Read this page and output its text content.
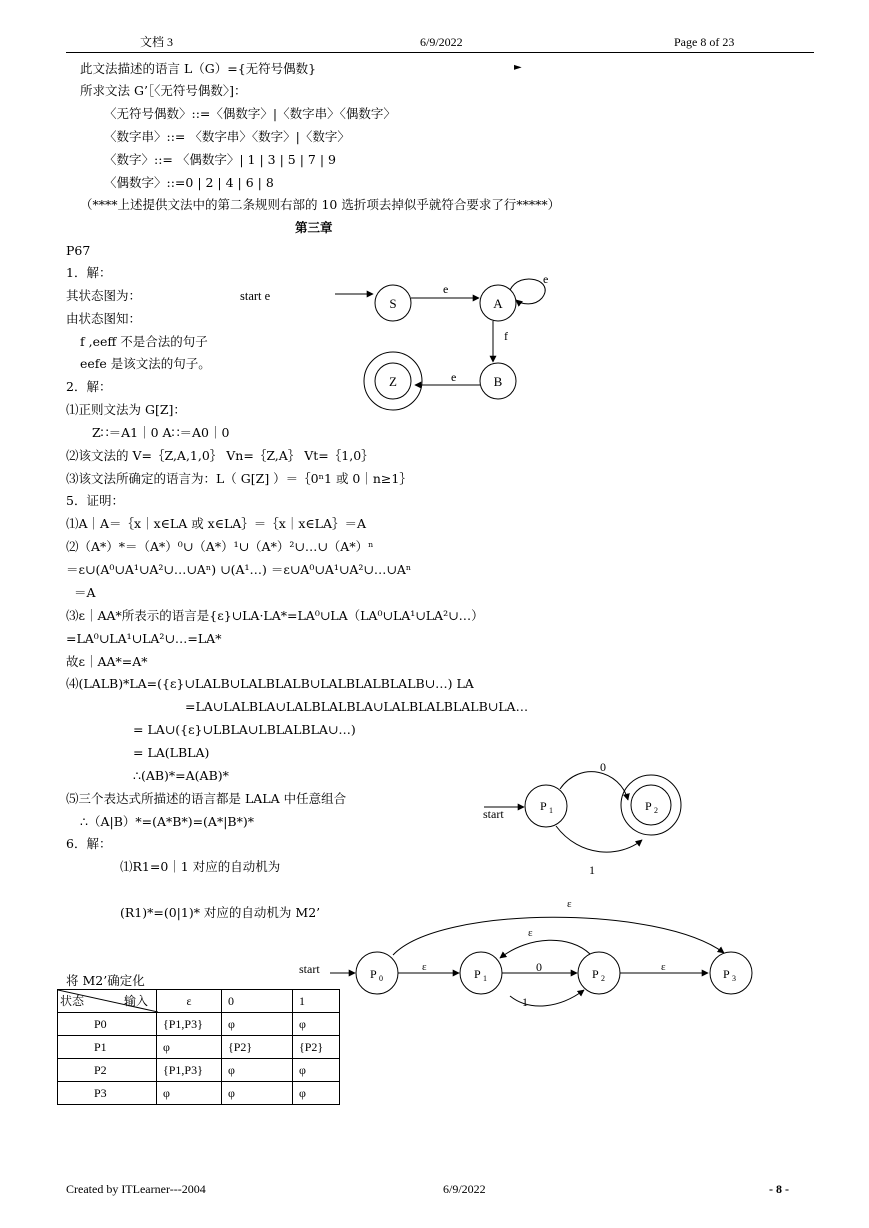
文档 3	6/9/2022	Page 8 of 23
此文法描述的语言 L（G）={无符号偶数}	►
所求文法 G’［〈无符号偶数〉]：
〈无符号偶数〉::=〈偶数字〉|〈数字串〉〈偶数字〉
〈数字串〉::= 〈数字串〉〈数字〉|〈数字〉
〈数字〉::= 〈偶数字〉| 1 | 3 | 5 | 7 | 9
〈偶数字〉::=0 | 2 | 4 | 6 | 8
（****上述提供文法中的第二条规则右部的 10 选折项去掉似乎就符合要求了行*****）
第三章
P67
1．解：
其状态图为：	start e
由状态图知：
f ,eeff 不是合法的句子
eefe 是该文法的句子。
2．解：
⑴正则文法为 G[Z]：
Z∷＝A1｜0 A∷＝A0｜0
⑵该文法的 V=｛Z,A,1,0｝ Vn=｛Z,A｝ Vt=｛1,0｝
⑶该文法所确定的语言为：L（ G[Z] ）＝｛0ⁿ1 或 0｜n≥1｝
5．证明：
⑴A｜A＝｛x｜x∈LA 或 x∈LA｝＝｛x｜x∈LA｝＝A
⑵（A*）*＝（A*）⁰∪（A*）¹∪（A*）²∪…∪（A*）ⁿ
＝ε∪(A⁰∪A¹∪A²∪…∪Aⁿ) ∪(A¹…) ＝ε∪A⁰∪A¹∪A²∪…∪Aⁿ
＝A
⑶ε｜AA*所表示的语言是{ε}∪LA·LA*=LA⁰∪LA（LA⁰∪LA¹∪LA²∪…）
=LA⁰∪LA¹∪LA²∪…=LA*
故ε｜AA*=A*
⑷(LALB)*LA=({ε}∪LALB∪LALBLALB∪LALBLALBLALB∪…) LA
=LA∪LALBLA∪LALBLALBLA∪LALBLALBLALB∪LA…
= LA∪({ε}∪LBLA∪LBLALBLA∪…)
= LA(LBLA)
∴(AB)*=A(AB)*
⑸三个表达式所描述的语言都是 LALA 中任意组合
∴（A|B）*=(A*B*)=(A*|B*)*
6．解：
⑴R1=0｜1 对应的自动机为
(R1)*=(0|1)* 对应的自动机为 M2’
将 M2’确定化
S
e
A
e
f
B
e
Z
start
P 1	P 2
0
1
start	P 0
ε	P 1
0
1
ε
P 2
ε	P 3
ε
状态 输入	ε	0	1
P0	{P1,P3}	φ	φ
P1	φ	{P2}	{P2}
P2	{P1,P3}	φ	φ
P3	φ	φ	φ
Created by ITLearner---2004	6/9/2022	- 8 -
